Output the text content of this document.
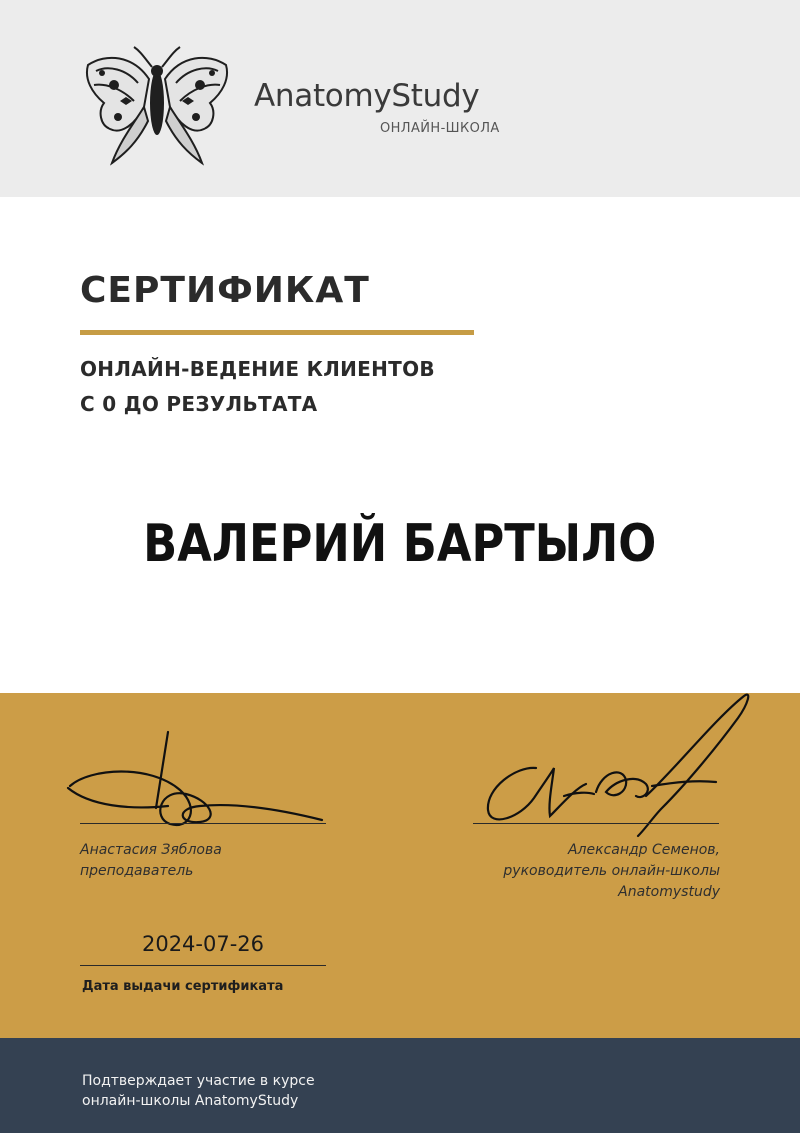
AnatomyStudy
ОНЛАЙН-ШКОЛА
СЕРТИФИКАТ
ОНЛАЙН-ВЕДЕНИЕ КЛИЕНТОВ
С 0 ДО РЕЗУЛЬТАТА
ВАЛЕРИЙ БАРТЫЛО
Анастасия Зяблова
преподаватель
Александр Семенов,
руководитель онлайн-школы
Anatomystudy
2024-07-26
Дата выдачи сертификата
Подтверждает участие в курсе
онлайн-школы AnatomyStudy
